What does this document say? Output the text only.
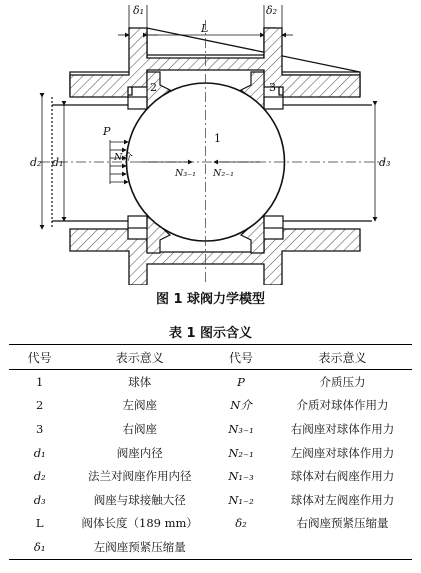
δ₁
L
δ₂
2	3
1
P
N介
N₃₋₁ N₂₋₁
d₂ d₁	d₃
图 1 球阀力学模型
表 1 图示含义
代号	表示意义	代号	表示意义
1	球体	P	介质压力
2	左阀座	N介	介质对球体作用力
3	右阀座	N₃₋₁	右阀座对球体作用力
d₁	阀座内径	N₂₋₁	左阀座对球体作用力
d₂	法兰对阀座作用内径	N₁₋₃	球体对右阀座作用力
d₃	阀座与球接触大径	N₁₋₂	球体对左阀座作用力
L	阀体长度（189 mm）	δ₂	右阀座预紧压缩量
δ₁	左阀座预紧压缩量		
